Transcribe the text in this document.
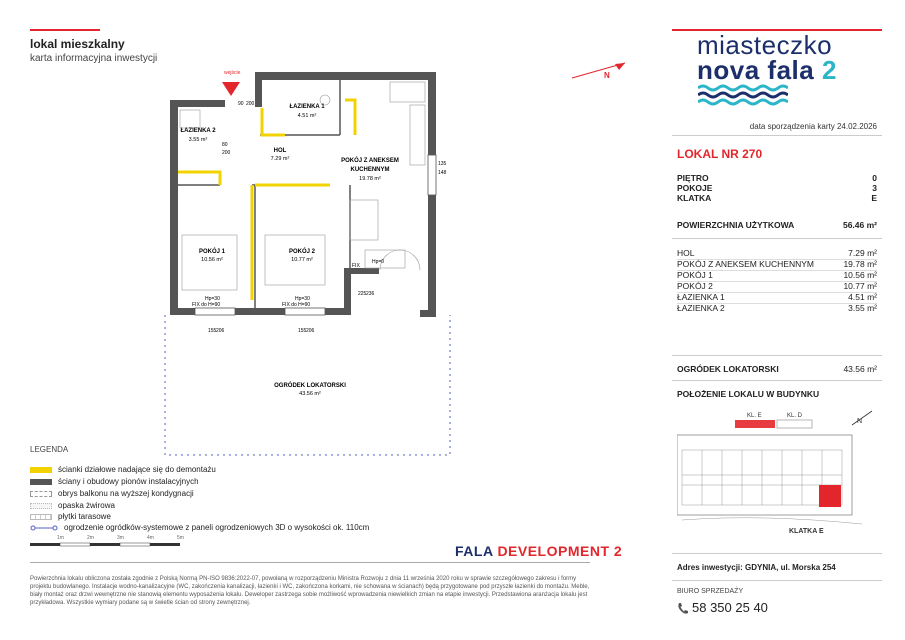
lokal mieszkalny
karta informacyjna inwestycji	miasteczko
nova fala 2
data sporządzenia karty 24.02.2026
LOKAL NR 270
PIĘTRO	0
POKOJE	3
KLATKA	E
POWIERZCHNIA UŻYTKOWA	56.46 m²
HOL	7.29 m²
POKÓJ Z ANEKSEM KUCHENNYM	19.78 m²
POKÓJ 1	10.56 m²
POKÓJ 2	10.77 m²
ŁAZIENKA 1	4.51 m²
ŁAZIENKA 2	3.55 m²
OGRÓDEK LOKATORSKI	43.56 m²
POŁOŻENIE LOKALU W BUDYNKU
KL. E	KL. D
KLATKA E
N
N
wejście
ŁAZIENKA 1
4.51 m²
ŁAZIENKA 2
3.55 m²
HOL
7.29 m²	POKÓJ Z ANEKSEM
KUCHENNYM
19.78 m²
POKÓJ 1
10.56 m²
POKÓJ 2
10.77 m²
OGRÓDEK LOKATORSKI
43.56 m²
Hp=30
FIX do H=90
Hp=30
FIX do H=90
Hp=0
FIX
90 200
80
200
135
148
225 236
155 206	155 206
LEGENDA
ścianki działowe nadające się do demontażu
ściany i obudowy pionów instalacyjnych
obrys balkonu na wyższej kondygnacji
opaska żwirowa
płytki tarasowe
ogrodzenie ogródków-systemowe z paneli ogrodzeniowych 3D o wysokości ok. 110cm
1m	2m	3m	4m	5m
FALA DEVELOPMENT 2
Powierzchnia lokalu obliczona została zgodnie z Polską Normą PN-ISO 9836:2022-07, powołaną w rozporządzeniu Ministra Rozwoju z dnia 11 września 2020 roku w sprawie szczegółowego zakresu i formy projektu budowlanego. Instalacje wodno-kanalizacyjne (WC, zakończenia kanalizacji, łazienki i WC, zakończona korkami, nie schowana w ścianach) będą przygotowane pod przyszłe łazienki do montażu. Meble, biały montaż oraz drzwi wewnętrzne nie stanowią elementu wyposażenia lokalu. Deweloper zastrzega sobie możliwość wprowadzenia niewielkich zmian na etapie inwestycji. Przedstawiona aranżacja lokalu jest przykładowa. Wszystkie wymiary podane są w świetle ścian od strony zewnętrznej.
Adres inwestycji: GDYNIA, ul. Morska 254
BIURO SPRZEDAŻY
58 350 25 40
